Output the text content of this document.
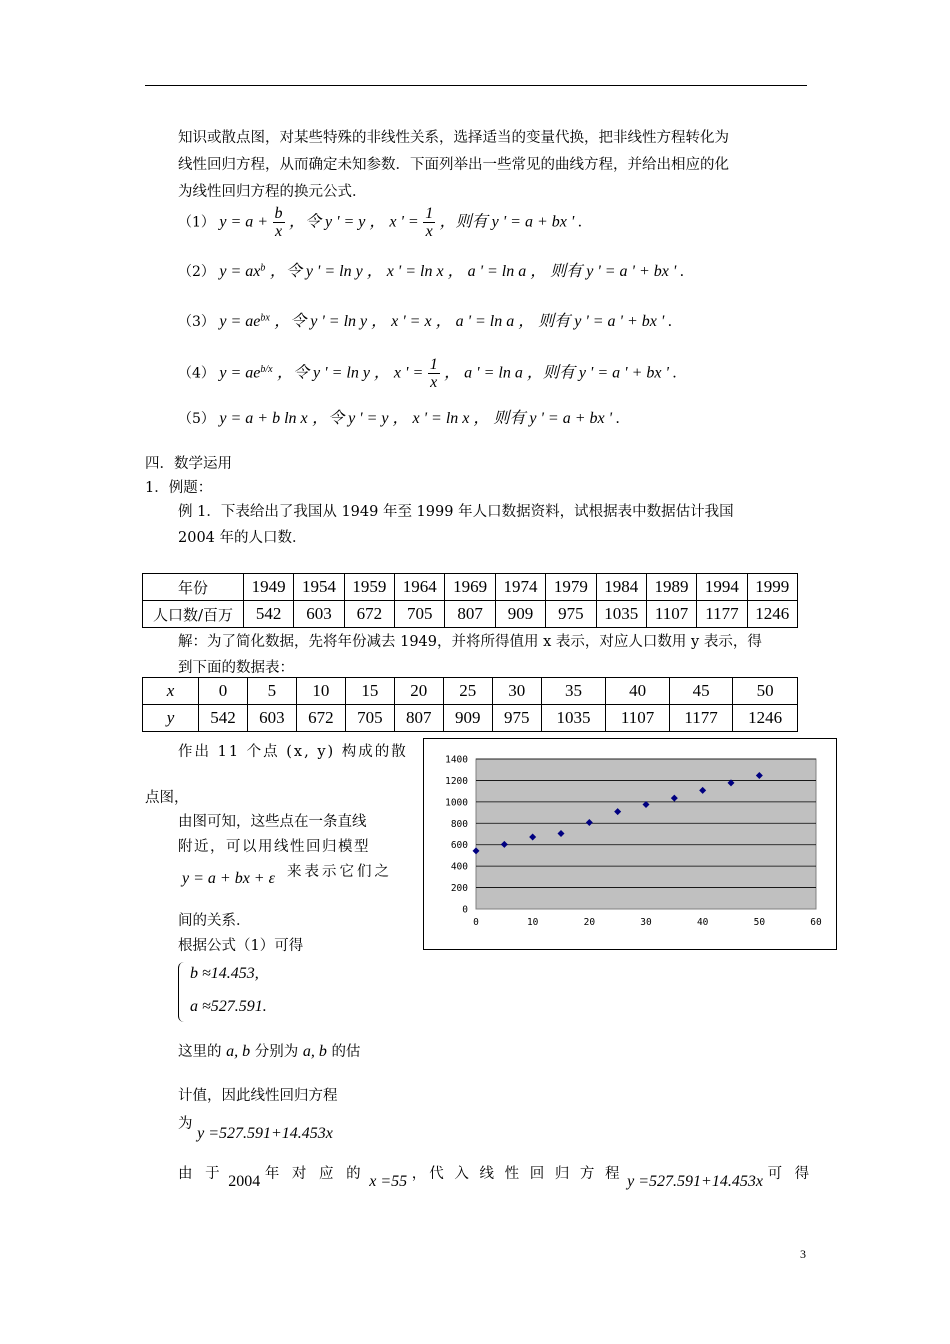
知识或散点图，对某些特殊的非线性关系，选择适当的变量代换，把非线性方程转化为
线性回归方程，从而确定未知参数．下面列举出一些常见的曲线方程，并给出相应的化
为线性回归方程的换元公式．
（1） $y = a + \frac{b}{x}$ ，令 y ' = y ， x ' = $\frac{1}{x}$ ，则有 y ' = a + bx ' .
（2） $y = ax^b$ ，令 y ' = ln y ， x ' = ln x ， a ' = ln a ， 则有 y ' = a ' + bx ' .
（3） $y = ae^{bx}$ ，令 y ' = ln y ， x ' = x ， a ' = ln a ， 则有 y ' = a ' + bx ' .
（4） $y = ae^{b/x}$ ，令 y ' = ln y ， x ' = $\frac{1}{x}$ ， a ' = ln a ，则有 y ' = a ' + bx ' .
（5） y = a + b ln x ，令 y ' = y ， x ' = ln x ， 则有 y ' = a + bx ' .
四．数学运用
1．例题：
例 1．下表给出了我国从 1949 年至 1999 年人口数据资料，试根据表中数据估计我国
2004 年的人口数．
年份	1949	1954	1959	1964	1969	1974	1979	1984	1989	1994	1999
人口数/百万	542	603	672	705	807	909	975	1035	1107	1177	1246
解：为了简化数据，先将年份减去 1949，并将所得值用 x 表示，对应人口数用 y 表示，得
到下面的数据表：
x	0	5	10	15	20	25	30	35	40	45	50
y	542	603	672	705	807	909	975	1035	1107	1177	1246
作出 11 个点 (x, y) 构成的散
点图，
由图可知，这些点在一条直线
附近，可以用线性回归模型
y = a + bx + ε 来表示它们之
间的关系．
根据公式（1）可得
b ≈14.453,
a ≈527.591.
这里的 a, b 分别为 a, b 的估
计值，因此线性回归方程
为 y =527.591+14.453x
由 于 2004 年 对 应 的 x =55 ，代 入 线 性 回 归 方 程 y =527.591+14.453x 可 得
0
200
400
600
800
1000
1200
1400
0	10	20	30	40	50	60
3
